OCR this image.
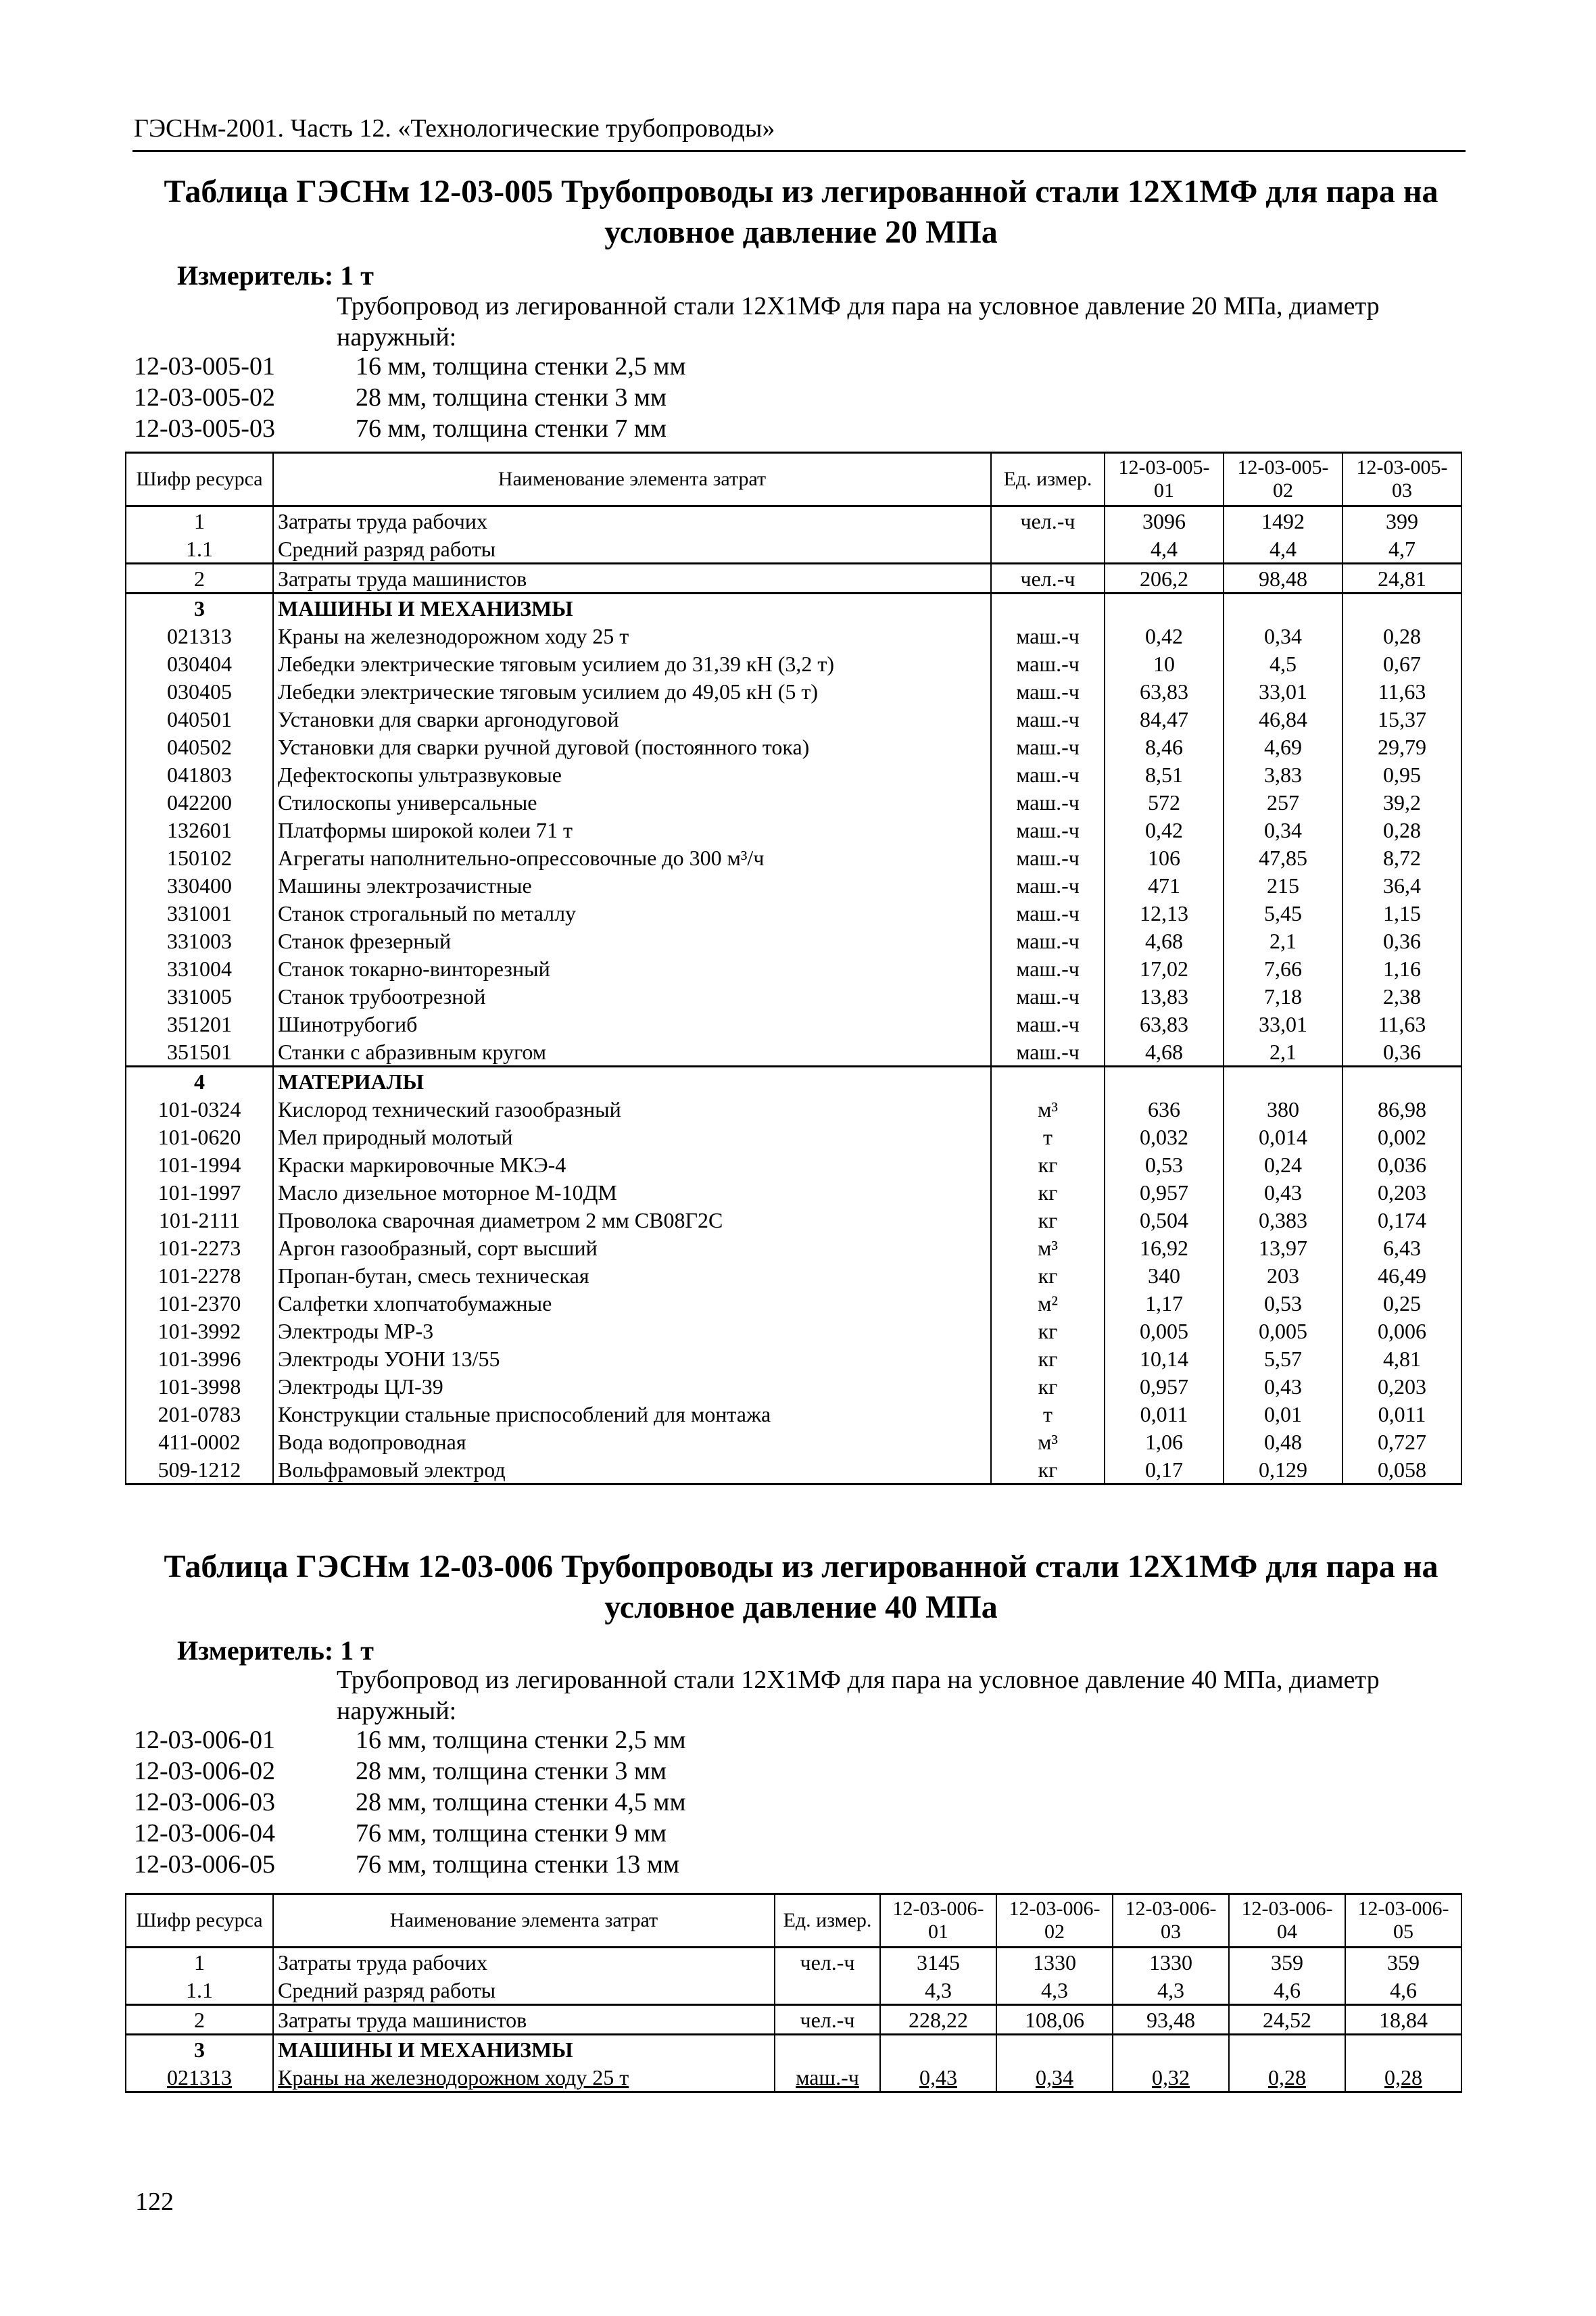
ГЭСНм-2001. Часть 12. «Технологические трубопроводы»
Таблица ГЭСНм 12-03-005 Трубопроводы из легированной стали 12Х1МФ для пара на
условное давление 20 МПа
Измеритель: 1 т
Трубопровод из легированной стали 12Х1МФ для пара на условное давление 20 МПа, диаметр
наружный:
12-03-005-01	16 мм, толщина стенки 2,5 мм
12-03-005-02	28 мм, толщина стенки 3 мм
12-03-005-03	76 мм, толщина стенки 7 мм
Шифр ресурса	Наименование элемента затрат	Ед. измер.	12-03-005-01	12-03-005-02	12-03-005-03
1	Затраты труда рабочих	чел.-ч	3096	1492	399
1.1	Средний разряд работы		4,4	4,4	4,7
2	Затраты труда машинистов	чел.-ч	206,2	98,48	24,81
3	МАШИНЫ И МЕХАНИЗМЫ				
021313	Краны на железнодорожном ходу 25 т	маш.-ч	0,42	0,34	0,28
030404	Лебедки электрические тяговым усилием до 31,39 кН (3,2 т)	маш.-ч	10	4,5	0,67
030405	Лебедки электрические тяговым усилием до 49,05 кН (5 т)	маш.-ч	63,83	33,01	11,63
040501	Установки для сварки аргонодуговой	маш.-ч	84,47	46,84	15,37
040502	Установки для сварки ручной дуговой (постоянного тока)	маш.-ч	8,46	4,69	29,79
041803	Дефектоскопы ультразвуковые	маш.-ч	8,51	3,83	0,95
042200	Стилоскопы универсальные	маш.-ч	572	257	39,2
132601	Платформы широкой колеи 71 т	маш.-ч	0,42	0,34	0,28
150102	Агрегаты наполнительно-опрессовочные до 300 м³/ч	маш.-ч	106	47,85	8,72
330400	Машины электрозачистные	маш.-ч	471	215	36,4
331001	Станок строгальный по металлу	маш.-ч	12,13	5,45	1,15
331003	Станок фрезерный	маш.-ч	4,68	2,1	0,36
331004	Станок токарно-винторезный	маш.-ч	17,02	7,66	1,16
331005	Станок трубоотрезной	маш.-ч	13,83	7,18	2,38
351201	Шинотрубогиб	маш.-ч	63,83	33,01	11,63
351501	Станки с абразивным кругом	маш.-ч	4,68	2,1	0,36
4	МАТЕРИАЛЫ				
101-0324	Кислород технический газообразный	м³	636	380	86,98
101-0620	Мел природный молотый	т	0,032	0,014	0,002
101-1994	Краски маркировочные МКЭ-4	кг	0,53	0,24	0,036
101-1997	Масло дизельное моторное М-10ДМ	кг	0,957	0,43	0,203
101-2111	Проволока сварочная диаметром 2 мм СВ08Г2С	кг	0,504	0,383	0,174
101-2273	Аргон газообразный, сорт высший	м³	16,92	13,97	6,43
101-2278	Пропан-бутан, смесь техническая	кг	340	203	46,49
101-2370	Салфетки хлопчатобумажные	м²	1,17	0,53	0,25
101-3992	Электроды МР-3	кг	0,005	0,005	0,006
101-3996	Электроды УОНИ 13/55	кг	10,14	5,57	4,81
101-3998	Электроды ЦЛ-39	кг	0,957	0,43	0,203
201-0783	Конструкции стальные приспособлений для монтажа	т	0,011	0,01	0,011
411-0002	Вода водопроводная	м³	1,06	0,48	0,727
509-1212	Вольфрамовый электрод	кг	0,17	0,129	0,058
Таблица ГЭСНм 12-03-006 Трубопроводы из легированной стали 12Х1МФ для пара на
условное давление 40 МПа
Измеритель: 1 т
Трубопровод из легированной стали 12Х1МФ для пара на условное давление 40 МПа, диаметр
наружный:
12-03-006-01	16 мм, толщина стенки 2,5 мм
12-03-006-02	28 мм, толщина стенки 3 мм
12-03-006-03	28 мм, толщина стенки 4,5 мм
12-03-006-04	76 мм, толщина стенки 9 мм
12-03-006-05	76 мм, толщина стенки 13 мм
Шифр ресурса	Наименование элемента затрат	Ед. измер.	12-03-006-01	12-03-006-02	12-03-006-03	12-03-006-04	12-03-006-05
1	Затраты труда рабочих	чел.-ч	3145	1330	1330	359	359
1.1	Средний разряд работы		4,3	4,3	4,3	4,6	4,6
2	Затраты труда машинистов	чел.-ч	228,22	108,06	93,48	24,52	18,84
3	МАШИНЫ И МЕХАНИЗМЫ						
021313	Краны на железнодорожном ходу 25 т	маш.-ч	0,43	0,34	0,32	0,28	0,28
122
